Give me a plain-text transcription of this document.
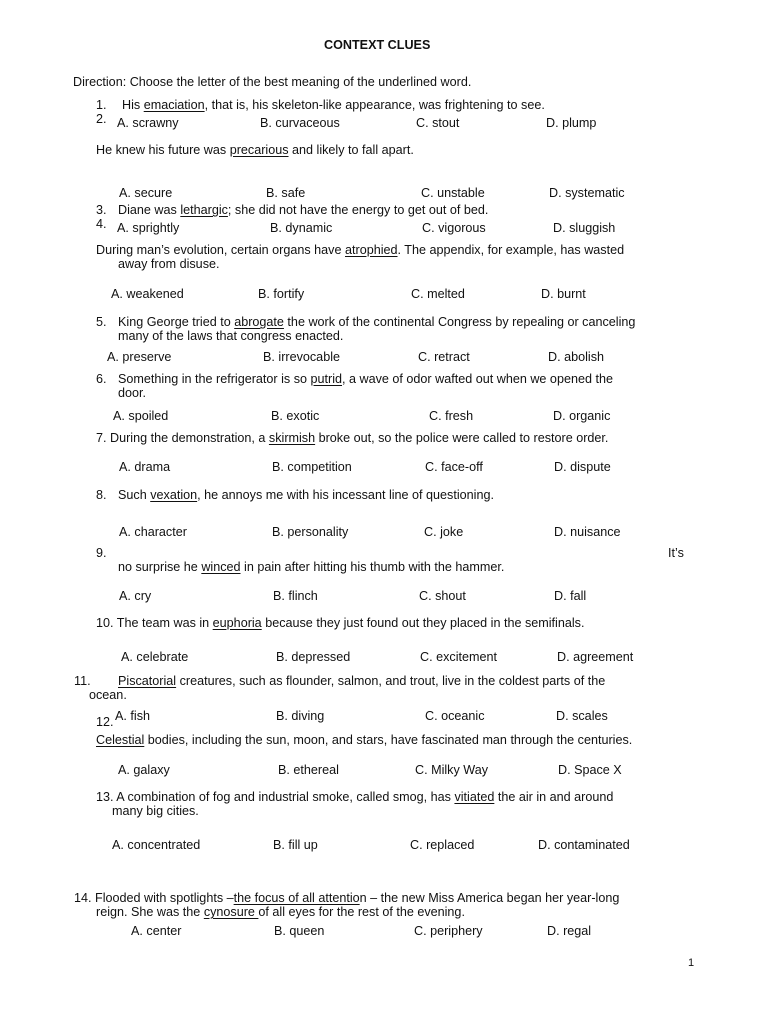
CONTEXT CLUES
Direction: Choose the letter of the best meaning of the underlined word.
1. His emaciation, that is, his skeleton-like appearance, was frightening to see.
2. A. scrawny	B. curvaceous	C. stout	D. plump
He knew his future was precarious and likely to fall apart.
A. secure	B. safe	C. unstable	D. systematic
3. Diane was lethargic; she did not have the energy to get out of bed.
4. A. sprightly	B. dynamic	C. vigorous	D. sluggish
During man’s evolution, certain organs have atrophied. The appendix, for example, has wasted
away from disuse.
A. weakened	B. fortify	C. melted	D. burnt
5. King George tried to abrogate the work of the continental Congress by repealing or canceling
many of the laws that congress enacted.
A. preserve	B. irrevocable	C. retract	D. abolish
6. Something in the refrigerator is so putrid, a wave of odor wafted out when we opened the
door.
A. spoiled	B. exotic	C. fresh	D. organic
7. During the demonstration, a skirmish broke out, so the police were called to restore order.
A. drama	B. competition	C. face-off	D. dispute
8. Such vexation, he annoys me with his incessant line of questioning.
A. character	B. personality	C. joke	D. nuisance
9.	It’s
no surprise he winced in pain after hitting his thumb with the hammer.
A. cry	B. flinch	C. shout	D. fall
10. The team was in euphoria because they just found out they placed in the semifinals.
A. celebrate	B. depressed	C. excitement	D. agreement
11. Piscatorial creatures, such as flounder, salmon, and trout, live in the coldest parts of the
ocean.
12. A. fish	B. diving	C. oceanic	D. scales
Celestial bodies, including the sun, moon, and stars, have fascinated man through the centuries.
A. galaxy	B. ethereal	C. Milky Way	D. Space X
13. A combination of fog and industrial smoke, called smog, has vitiated the air in and around
many big cities.
A. concentrated	B. fill up	C. replaced	D. contaminated
14. Flooded with spotlights –the focus of all attention – the new Miss America began her year-long
reign. She was the cynosure of all eyes for the rest of the evening.
A. center	B. queen	C. periphery	D. regal
1
